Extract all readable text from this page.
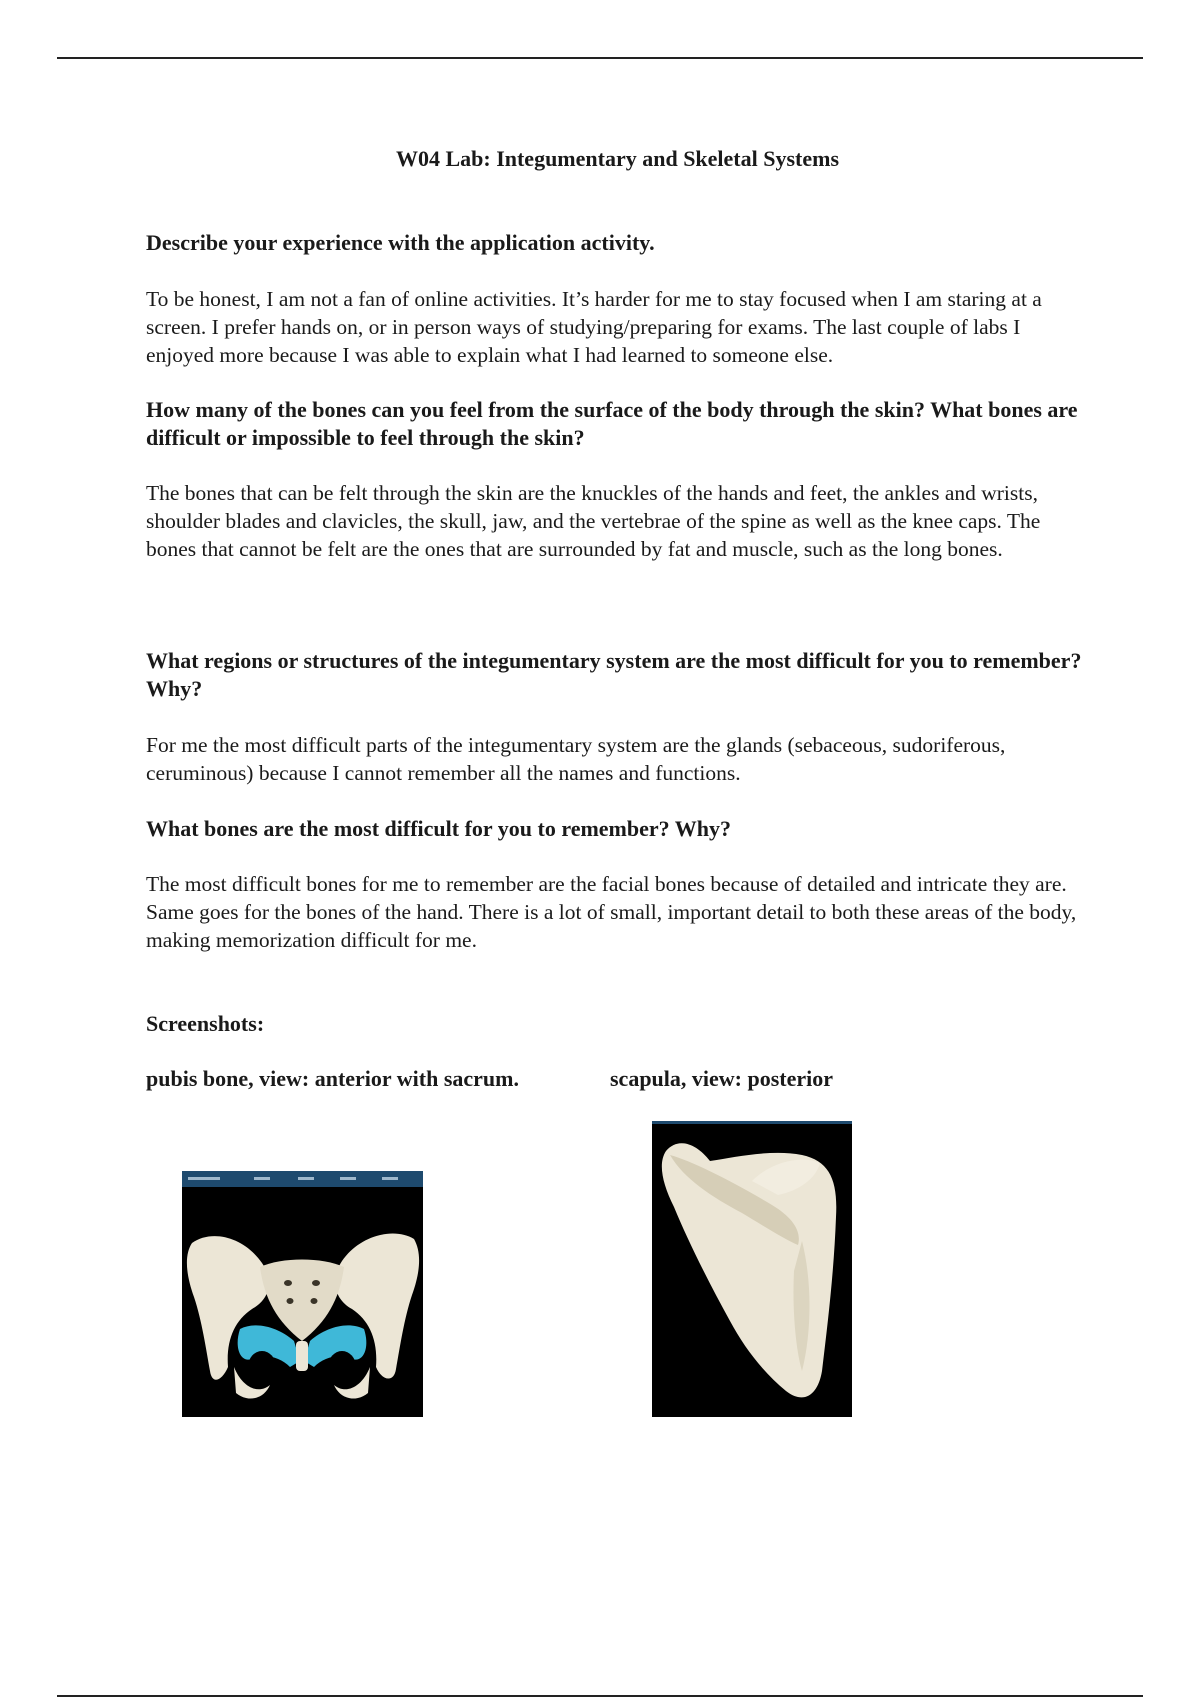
W04 Lab: Integumentary and Skeletal Systems
Describe your experience with the application activity.
To be honest, I am not a fan of online activities. It’s harder for me to stay focused when I am staring at a screen. I prefer hands on, or in person ways of studying/preparing for exams. The last couple of labs I enjoyed more because I was able to explain what I had learned to someone else.
How many of the bones can you feel from the surface of the body through the skin? What bones are difficult or impossible to feel through the skin?
The bones that can be felt through the skin are the knuckles of the hands and feet, the ankles and wrists, shoulder blades and clavicles, the skull, jaw, and the vertebrae of the spine as well as the knee caps. The bones that cannot be felt are the ones that are surrounded by fat and muscle, such as the long bones.
What regions or structures of the integumentary system are the most difficult for you to remember? Why?
For me the most difficult parts of the integumentary system are the glands (sebaceous, sudoriferous, ceruminous) because I cannot remember all the names and functions.
What bones are the most difficult for you to remember? Why?
The most difficult bones for me to remember are the facial bones because of detailed and intricate they are. Same goes for the bones of the hand. There is a lot of small, important detail to both these areas of the body, making memorization difficult for me.
Screenshots:
pubis bone, view: anterior with sacrum.	scapula, view: posterior
